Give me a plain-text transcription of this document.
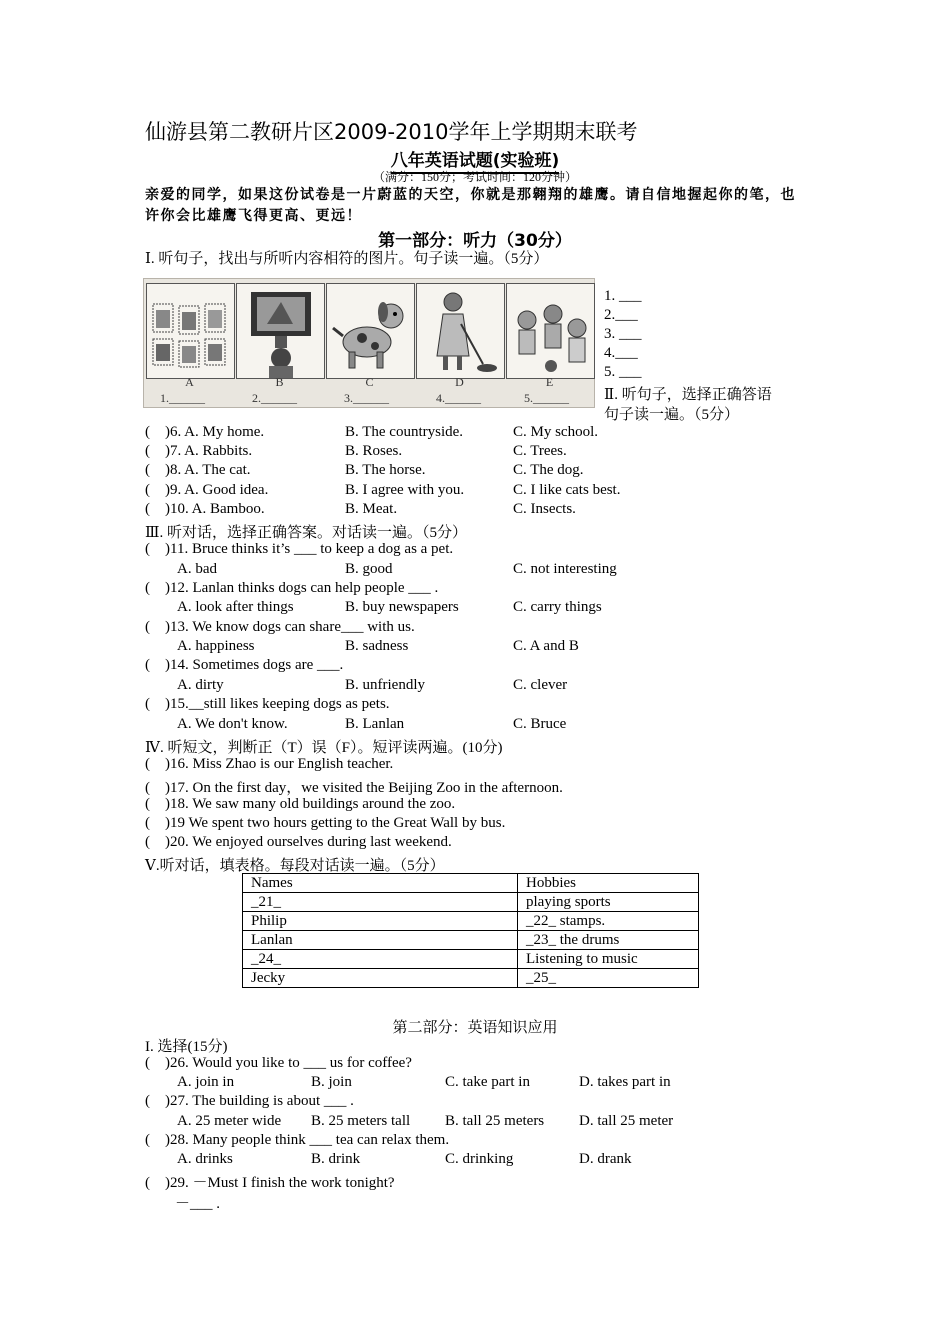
仙游县第二教研片区2009-2010学年上学期期末联考
八年英语试题(实验班)
（满分：150分；考试时间：120分钟）
亲爱的同学，如果这份试卷是一片蔚蓝的天空，你就是那翱翔的雄鹰。请自信地握起你的笔，也许你会比雄鹰飞得更高、更远！
第一部分：听力（30分）
Ⅰ. 听句子，找出与所听内容相符的图片。句子读一遍。（5分）
A	B	C	D	E
1.______	2.______	3.______	4.______	5.______
1. ___
2.___
3. ___
4.___
5. ___
Ⅱ. 听句子，选择正确答语
句子读一遍。（5分）
( )6. A. My home.	B. The countryside.	C. My school.
( )7. A. Rabbits.	B. Roses.	C. Trees.
( )8. A. The cat.	B. The horse.	C. The dog.
( )9. A. Good idea.	B. I agree with you.	C. I like cats best.
( )10. A. Bamboo.	B. Meat.	C. Insects.
Ⅲ. 听对话，选择正确答案。对话读一遍。（5分）
( )11. Bruce thinks it’s ___ to keep a dog as a pet.
A. bad	B. good	C. not interesting
( )12. Lanlan thinks dogs can help people ___ .
A. look after things	B. buy newspapers	C. carry things
( )13. We know dogs can share___ with us.
A. happiness	B. sadness	C. A and B
( )14. Sometimes dogs are ___.
A. dirty	B. unfriendly	C. clever
( )15.__still likes keeping dogs as pets.
A. We don't know.	B. Lanlan	C. Bruce
Ⅳ. 听短文，判断正（T）误（F）。短评读两遍。(10分)
( )16. Miss Zhao is our English teacher.
( )17. On the first day，we visited the Beijing Zoo in the afternoon.
( )18. We saw many old buildings around the zoo.
( )19 We spent two hours getting to the Great Wall by bus.
( )20. We enjoyed ourselves during last weekend.
Ⅴ.听对话，填表格。每段对话读一遍。（5分）
Names	Hobbies
_21_	playing sports
Philip	_22_ stamps.
Lanlan	_23_ the drums
_24_	Listening to music
Jecky	_25_
第二部分：英语知识应用
I. 选择(15分)
( )26. Would you like to ___ us for coffee?
A. join in	B. join	C. take part in	D. takes part in
( )27. The building is about ___ .
A. 25 meter wide B. 25 meters tall B. tall 25 meters D. tall 25 meter
( )28. Many people think ___ tea can relax them.
A. drinks	B. drink	C. drinking	D. drank
( )29. －Must I finish the work tonight?
－___ .
